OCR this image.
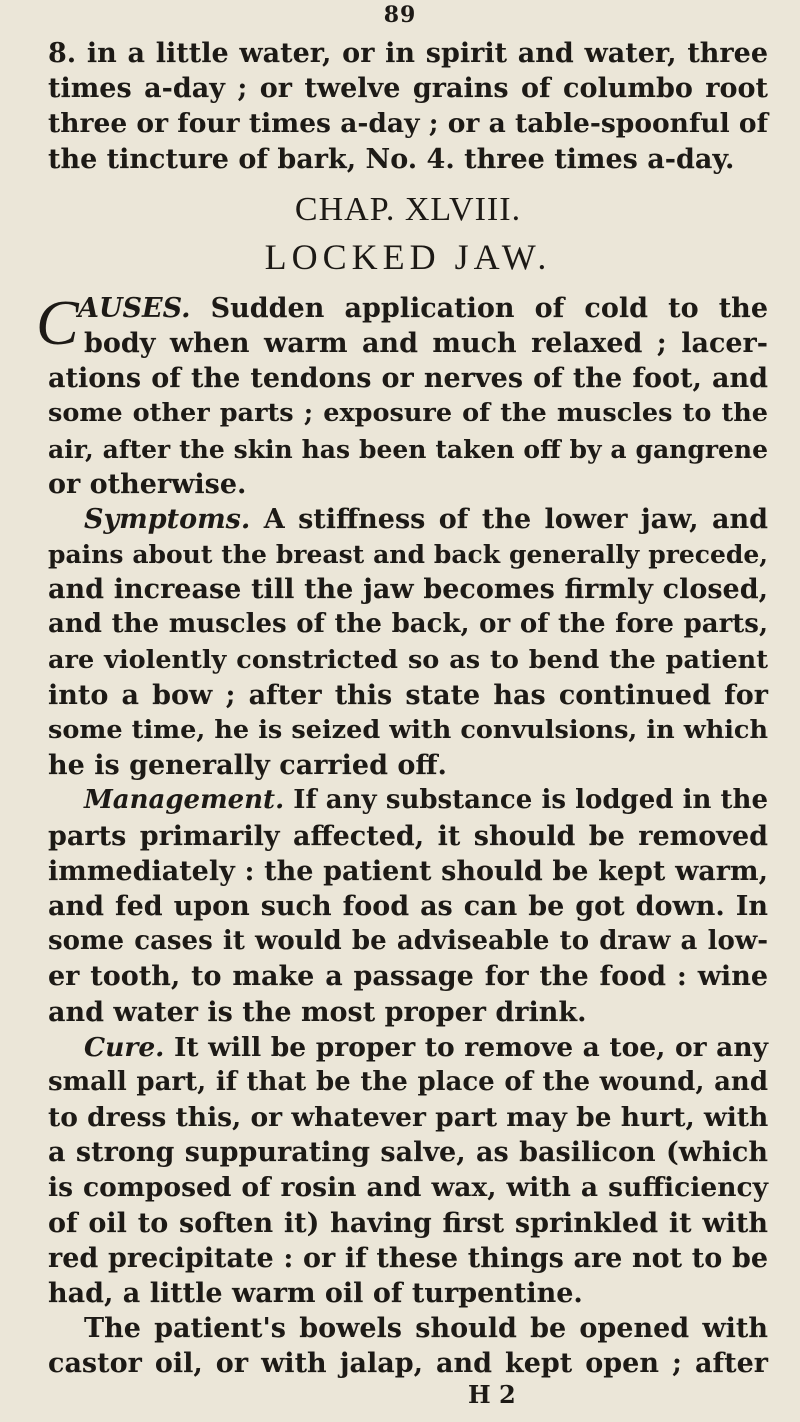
89
8. in a little water, or in spirit and water, three
times a-day ; or twelve grains of columbo root
three or four times a-day ; or a table-spoonful of
the tincture of bark, No. 4. three times a-day.
CHAP. XLVIII.
LOCKED JAW.
C AUSES. Sudden application of cold to the
body when warm and much relaxed ; lacer-
ations of the tendons or nerves of the foot, and
some other parts ; exposure of the muscles to the
air, after the skin has been taken off by a gangrene
or otherwise.
Symptoms. A stiffness of the lower jaw, and
pains about the breast and back generally precede,
and increase till the jaw becomes firmly closed,
and the muscles of the back, or of the fore parts,
are violently constricted so as to bend the patient
into a bow ; after this state has continued for
some time, he is seized with convulsions, in which
he is generally carried off.
Management. If any substance is lodged in the
parts primarily affected, it should be removed
immediately : the patient should be kept warm,
and fed upon such food as can be got down. In
some cases it would be adviseable to draw a low-
er tooth, to make a passage for the food : wine
and water is the most proper drink.
Cure. It will be proper to remove a toe, or any
small part, if that be the place of the wound, and
to dress this, or whatever part may be hurt, with
a strong suppurating salve, as basilicon (which
is composed of rosin and wax, with a sufficiency
of oil to soften it) having first sprinkled it with
red precipitate : or if these things are not to be
had, a little warm oil of turpentine.
The patient's bowels should be opened with
castor oil, or with jalap, and kept open ; after
H 2
